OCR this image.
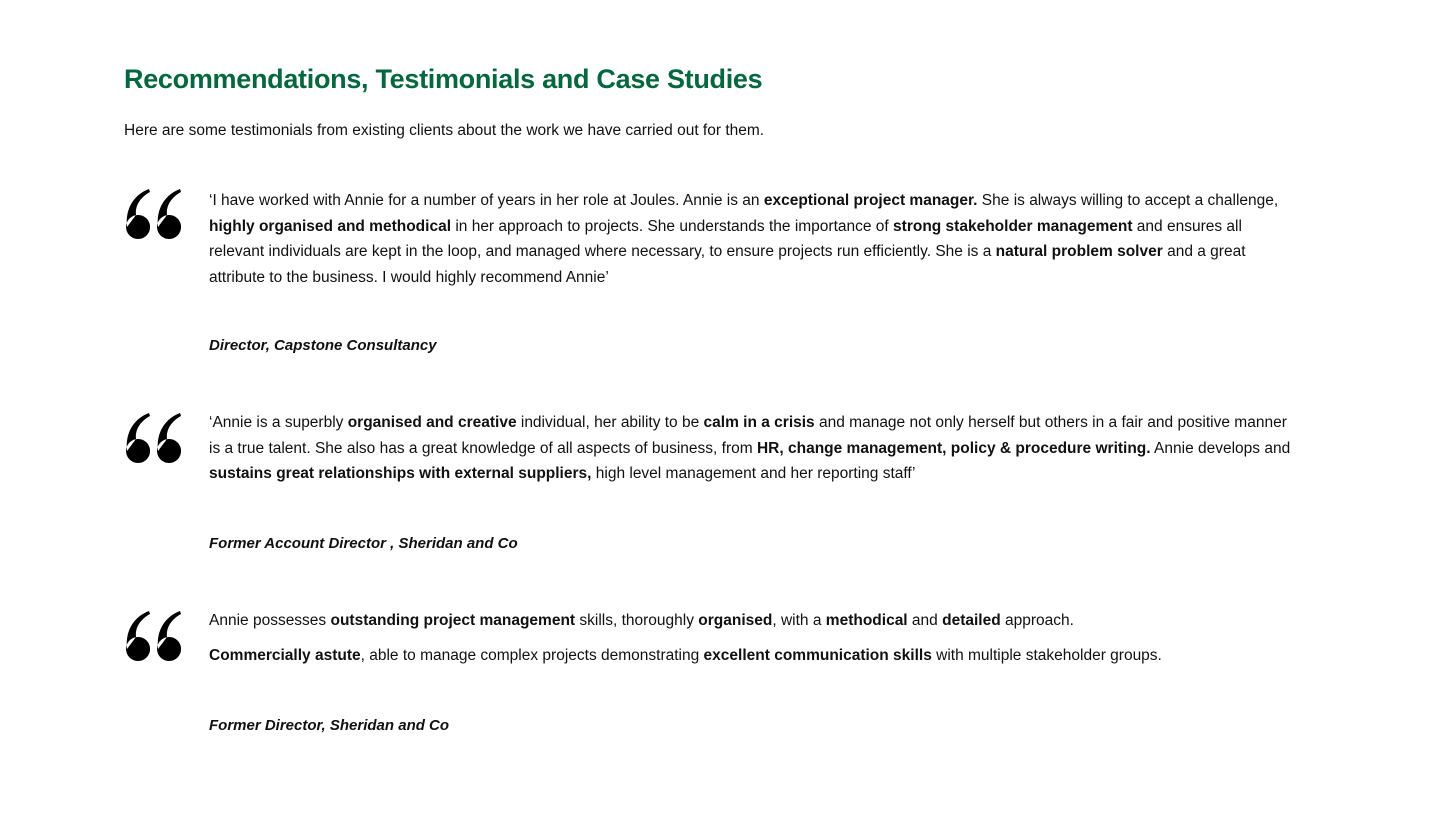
Recommendations, Testimonials and Case Studies

Here are some testimonials from existing clients about the work we have carried out for them.

‘I have worked with Annie for a number of years in her role at Joules. Annie is an exceptional project manager. She is always willing to accept a challenge, highly organised and methodical in her approach to projects. She understands the importance of strong stakeholder management and ensures all relevant individuals are kept in the loop, and managed where necessary, to ensure projects run efficiently. She is a natural problem solver and a great attribute to the business. I would highly recommend Annie’

Director, Capstone Consultancy

‘Annie is a superbly organised and creative individual, her ability to be calm in a crisis and manage not only herself but others in a fair and positive manner is a true talent. She also has a great knowledge of all aspects of business, from HR, change management, policy & procedure writing. Annie develops and sustains great relationships with external suppliers, high level management and her reporting staff’

Former Account Director , Sheridan and Co

Annie possesses outstanding project management skills, thoroughly organised, with a methodical and detailed approach.

Commercially astute, able to manage complex projects demonstrating excellent communication skills with multiple stakeholder groups.

Former Director, Sheridan and Co
